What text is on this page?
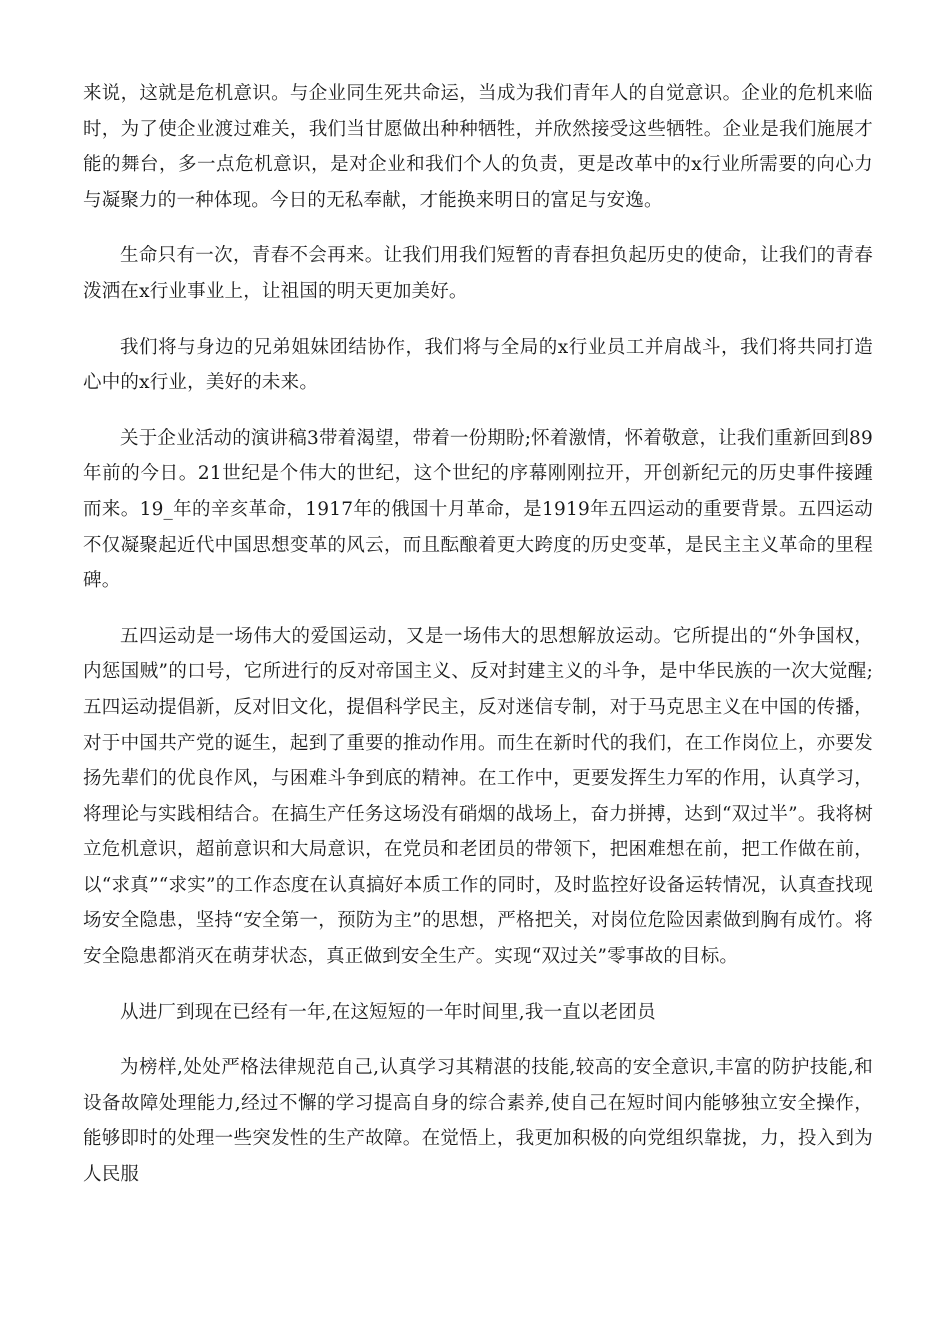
来说，这就是危机意识。与企业同生死共命运，当成为我们青年人的自觉意识。企业的危机来临时，为了使企业渡过难关，我们当甘愿做出种种牺牲，并欣然接受这些牺牲。企业是我们施展才能的舞台，多一点危机意识，是对企业和我们个人的负责，更是改革中的x行业所需要的向心力与凝聚力的一种体现。今日的无私奉献，才能换来明日的富足与安逸。

生命只有一次，青春不会再来。让我们用我们短暂的青春担负起历史的使命，让我们的青春泼洒在x行业事业上，让祖国的明天更加美好。

我们将与身边的兄弟姐妹团结协作，我们将与全局的x行业员工并肩战斗，我们将共同打造心中的x行业，美好的未来。

关于企业活动的演讲稿3带着渴望，带着一份期盼;怀着激情，怀着敬意，让我们重新回到89年前的今日。21世纪是个伟大的世纪，这个世纪的序幕刚刚拉开，开创新纪元的历史事件接踵而来。19_年的辛亥革命，1917年的俄国十月革命，是1919年五四运动的重要背景。五四运动不仅凝聚起近代中国思想变革的风云，而且酝酿着更大跨度的历史变革，是民主主义革命的里程碑。

五四运动是一场伟大的爱国运动，又是一场伟大的思想解放运动。它所提出的“外争国权，内惩国贼”的口号，它所进行的反对帝国主义、反对封建主义的斗争，是中华民族的一次大觉醒;五四运动提倡新，反对旧文化，提倡科学民主，反对迷信专制，对于马克思主义在中国的传播，对于中国共产党的诞生，起到了重要的推动作用。而生在新时代的我们，在工作岗位上，亦要发扬先辈们的优良作风，与困难斗争到底的精神。在工作中，更要发挥生力军的作用，认真学习，将理论与实践相结合。在搞生产任务这场没有硝烟的战场上，奋力拼搏，达到“双过半”。我将树立危机意识，超前意识和大局意识，在党员和老团员的带领下，把困难想在前，把工作做在前，以“求真”“求实”的工作态度在认真搞好本质工作的同时，及时监控好设备运转情况，认真查找现场安全隐患，坚持“安全第一，预防为主”的思想，严格把关，对岗位危险因素做到胸有成竹。将安全隐患都消灭在萌芽状态，真正做到安全生产。实现“双过关”零事故的目标。

从进厂到现在已经有一年,在这短短的一年时间里,我一直以老团员

为榜样,处处严格法律规范自己,认真学习其精湛的技能,较高的安全意识,丰富的防护技能,和设备故障处理能力,经过不懈的学习提高自身的综合素养,使自己在短时间内能够独立安全操作，能够即时的处理一些突发性的生产故障。在觉悟上，我更加积极的向党组织靠拢，力，投入到为人民服
